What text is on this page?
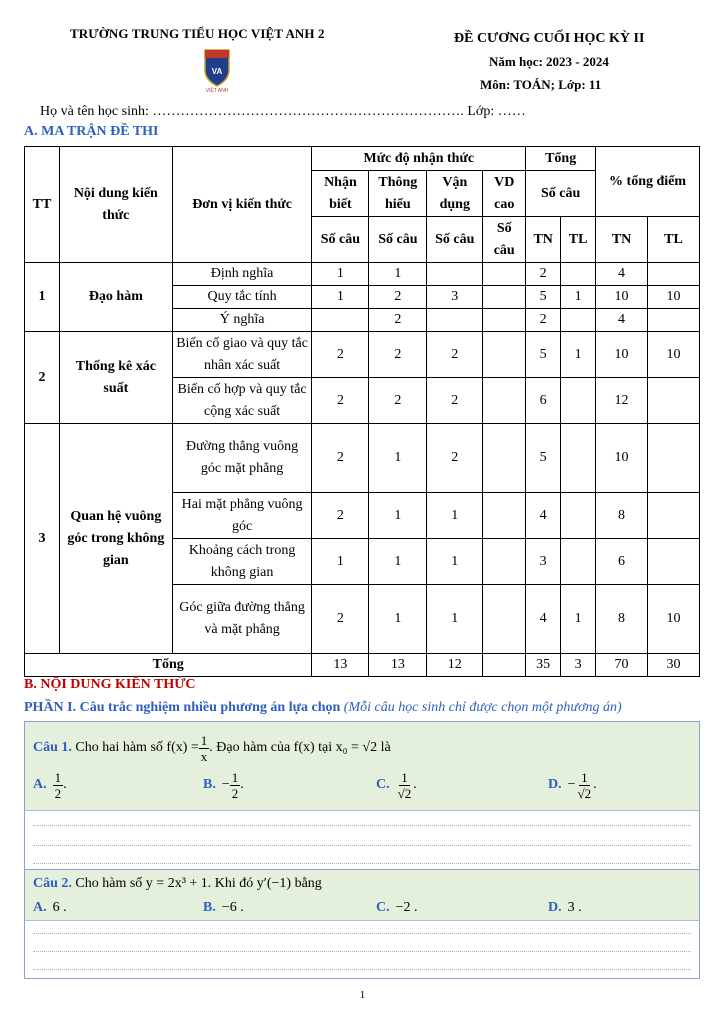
TRƯỜNG TRUNG TIỂU HỌC VIỆT ANH 2
VA
VIỆT ANH
ĐỀ CƯƠNG CUỐI HỌC KỲ II
Năm học: 2023 - 2024
Môn: TOÁN; Lớp: 11
Họ và tên học sinh: …………………………………………………………. Lớp: ……
A. MA TRẬN ĐỀ THI
TT	Nội dung kiến thức	Đơn vị kiến thức	Mức độ nhận thức				Tổng		% tổng điểm	
			Nhận biết	Thông hiểu	Vận dụng	VD cao	Số câu			
			Số câu	Số câu	Số câu	Số câu	TN	TL	TN	TL
1	Đạo hàm	Định nghĩa	1	1			2		4	
		Quy tắc tính	1	2	3		5	1	10	10
		Ý nghĩa		2			2		4	
2	Thống kê xác suất	Biến cố giao và quy tắc nhân xác suất	2	2	2		5	1	10	10
		Biến cố hợp và quy tắc cộng xác suất	2	2	2		6		12	
3	Quan hệ vuông góc trong không gian	Đường thẳng vuông góc mặt phẳng	2	1	2		5		10	
		Hai mặt phẳng vuông góc	2	1	1		4		8	
		Khoảng cách trong không gian	1	1	1		3		6	
		Góc giữa đường thẳng và mặt phẳng	2	1	1		4	1	8	10
Tổng			13	13	12		35	3	70	30
B. NỘI DUNG KIẾN THỨC
PHẦN I. Câu trắc nghiệm nhiều phương án lựa chọn (Mỗi câu học sinh chỉ được chọn một phương án)
Câu 1.
Cho hai hàm số
$f(x) = \frac{1}{x}$ . Đạo hàm của
f(x)
tại
x₀ = √2
là
A. $\frac{1}{2}$ .	B. − $\frac{1}{2}$ .	C. $\frac{1}{√2}$ .	D. − $\frac{1}{√2}$ .
Câu 2.
Cho hàm số
y = 2x³ + 1 . Khi đó
y′(−1)
bằng
A. 6 .	B. −6 .	C. −2 .	D. 3 .
1
